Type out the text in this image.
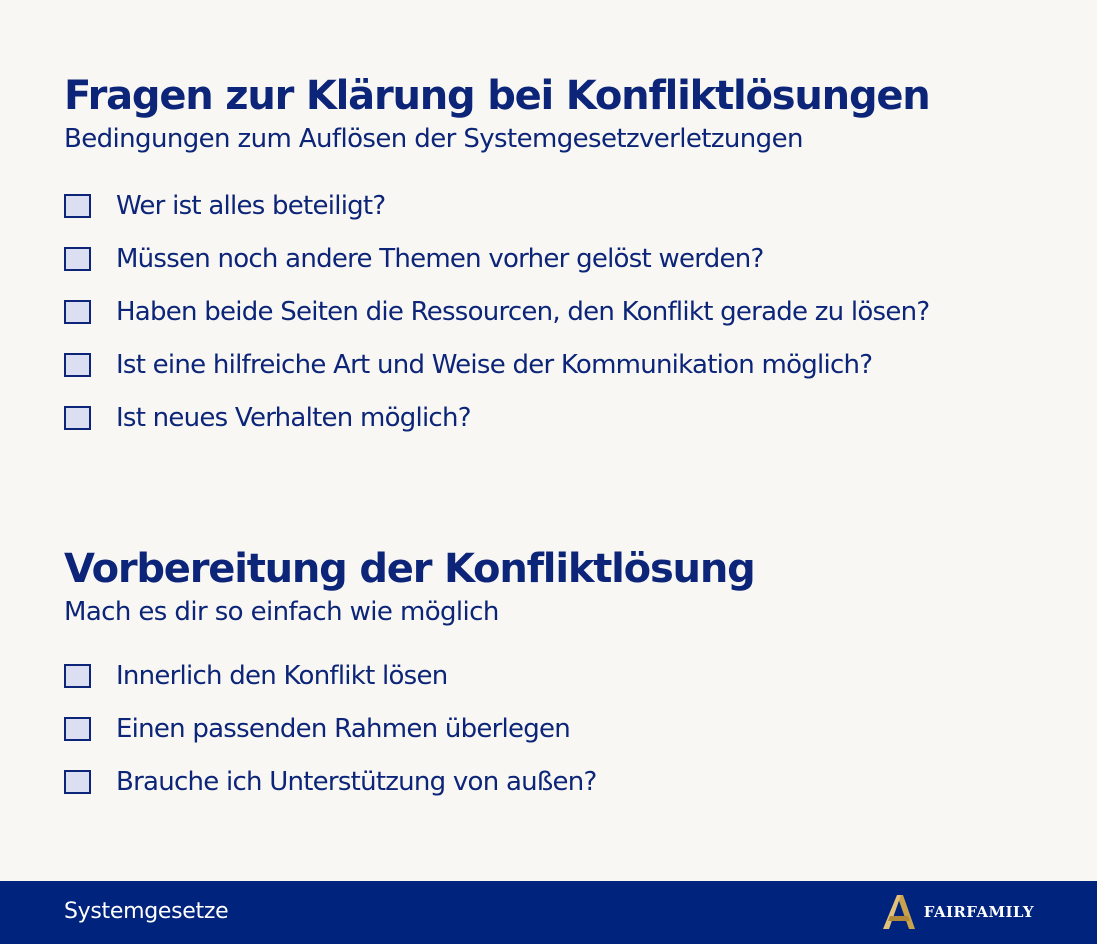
Fragen zur Klärung bei Konfliktlösungen

Bedingungen zum Auflösen der Systemgesetzverletzungen

Wer ist alles beteiligt?
Müssen noch andere Themen vorher gelöst werden?
Haben beide Seiten die Ressourcen, den Konflikt gerade zu lösen?
Ist eine hilfreiche Art und Weise der Kommunikation möglich?
Ist neues Verhalten möglich?
Vorbereitung der Konfliktlösung

Mach es dir so einfach wie möglich

Innerlich den Konflikt lösen
Einen passenden Rahmen überlegen
Brauche ich Unterstützung von außen?
Systemgesetze	FAIRFAMILY
